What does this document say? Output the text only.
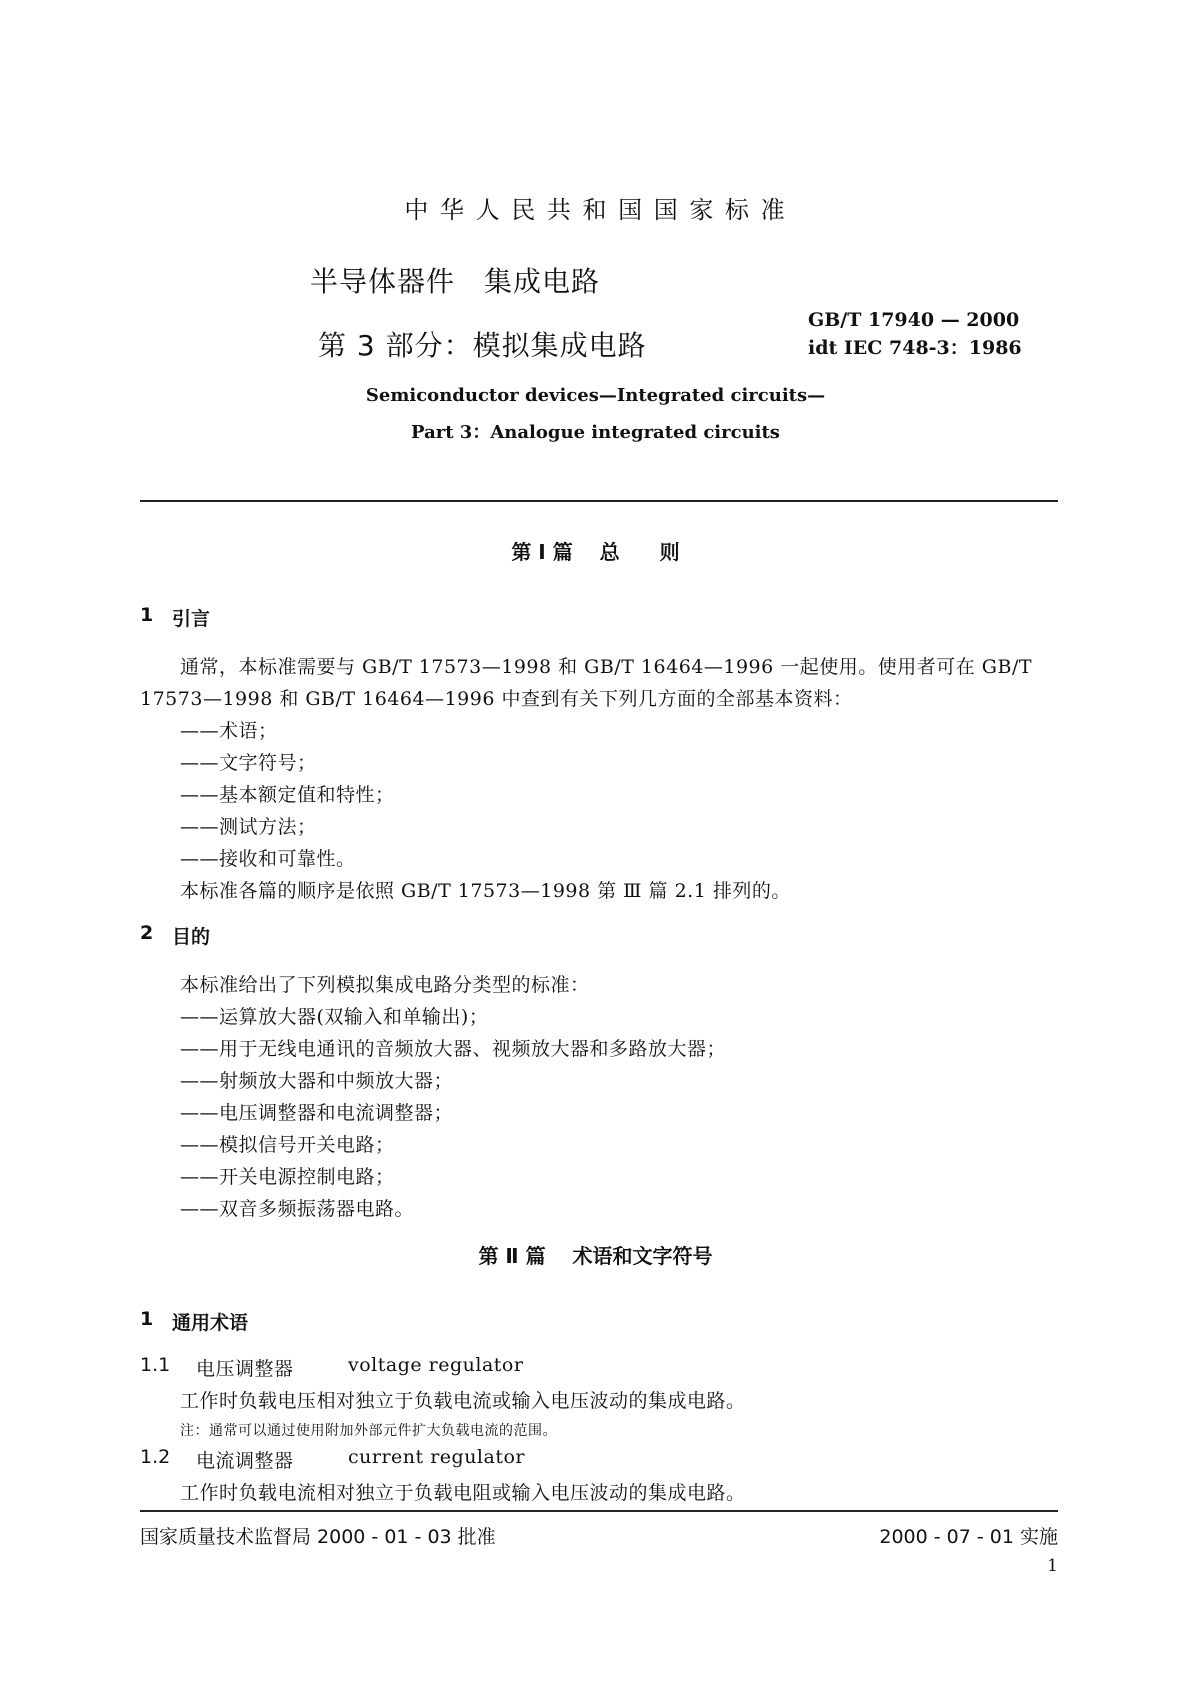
中 华 人 民 共 和 国 国 家 标 准
半导体器件　集成电路
第 3 部分：模拟集成电路
GB/T 17940 — 2000
idt IEC 748-3：1986
Semiconductor devices—Integrated circuits—
Part 3：Analogue integrated circuits
第 Ⅰ 篇　 总　　则
1 引言
通常，本标准需要与 GB/T 17573—1998 和 GB/T 16464—1996 一起使用。使用者可在 GB/T
17573—1998 和 GB/T 16464—1996 中查到有关下列几方面的全部基本资料：
——术语；
——文字符号；
——基本额定值和特性；
——测试方法；
——接收和可靠性。
本标准各篇的顺序是依照 GB/T 17573—1998 第 Ⅲ 篇 2.1 排列的。
2 目的
本标准给出了下列模拟集成电路分类型的标准：
——运算放大器(双输入和单输出)；
——用于无线电通讯的音频放大器、视频放大器和多路放大器；
——射频放大器和中频放大器；
——电压调整器和电流调整器；
——模拟信号开关电路；
——开关电源控制电路；
——双音多频振荡器电路。
第 Ⅱ 篇　 术语和文字符号
1 通用术语
1.1 电压调整器	voltage regulator
工作时负载电压相对独立于负载电流或输入电压波动的集成电路。
注：通常可以通过使用附加外部元件扩大负载电流的范围。
1.2 电流调整器	current regulator
工作时负载电流相对独立于负载电阻或输入电压波动的集成电路。
国家质量技术监督局 2000 - 01 - 03 批准	2000 - 07 - 01 实施
1
